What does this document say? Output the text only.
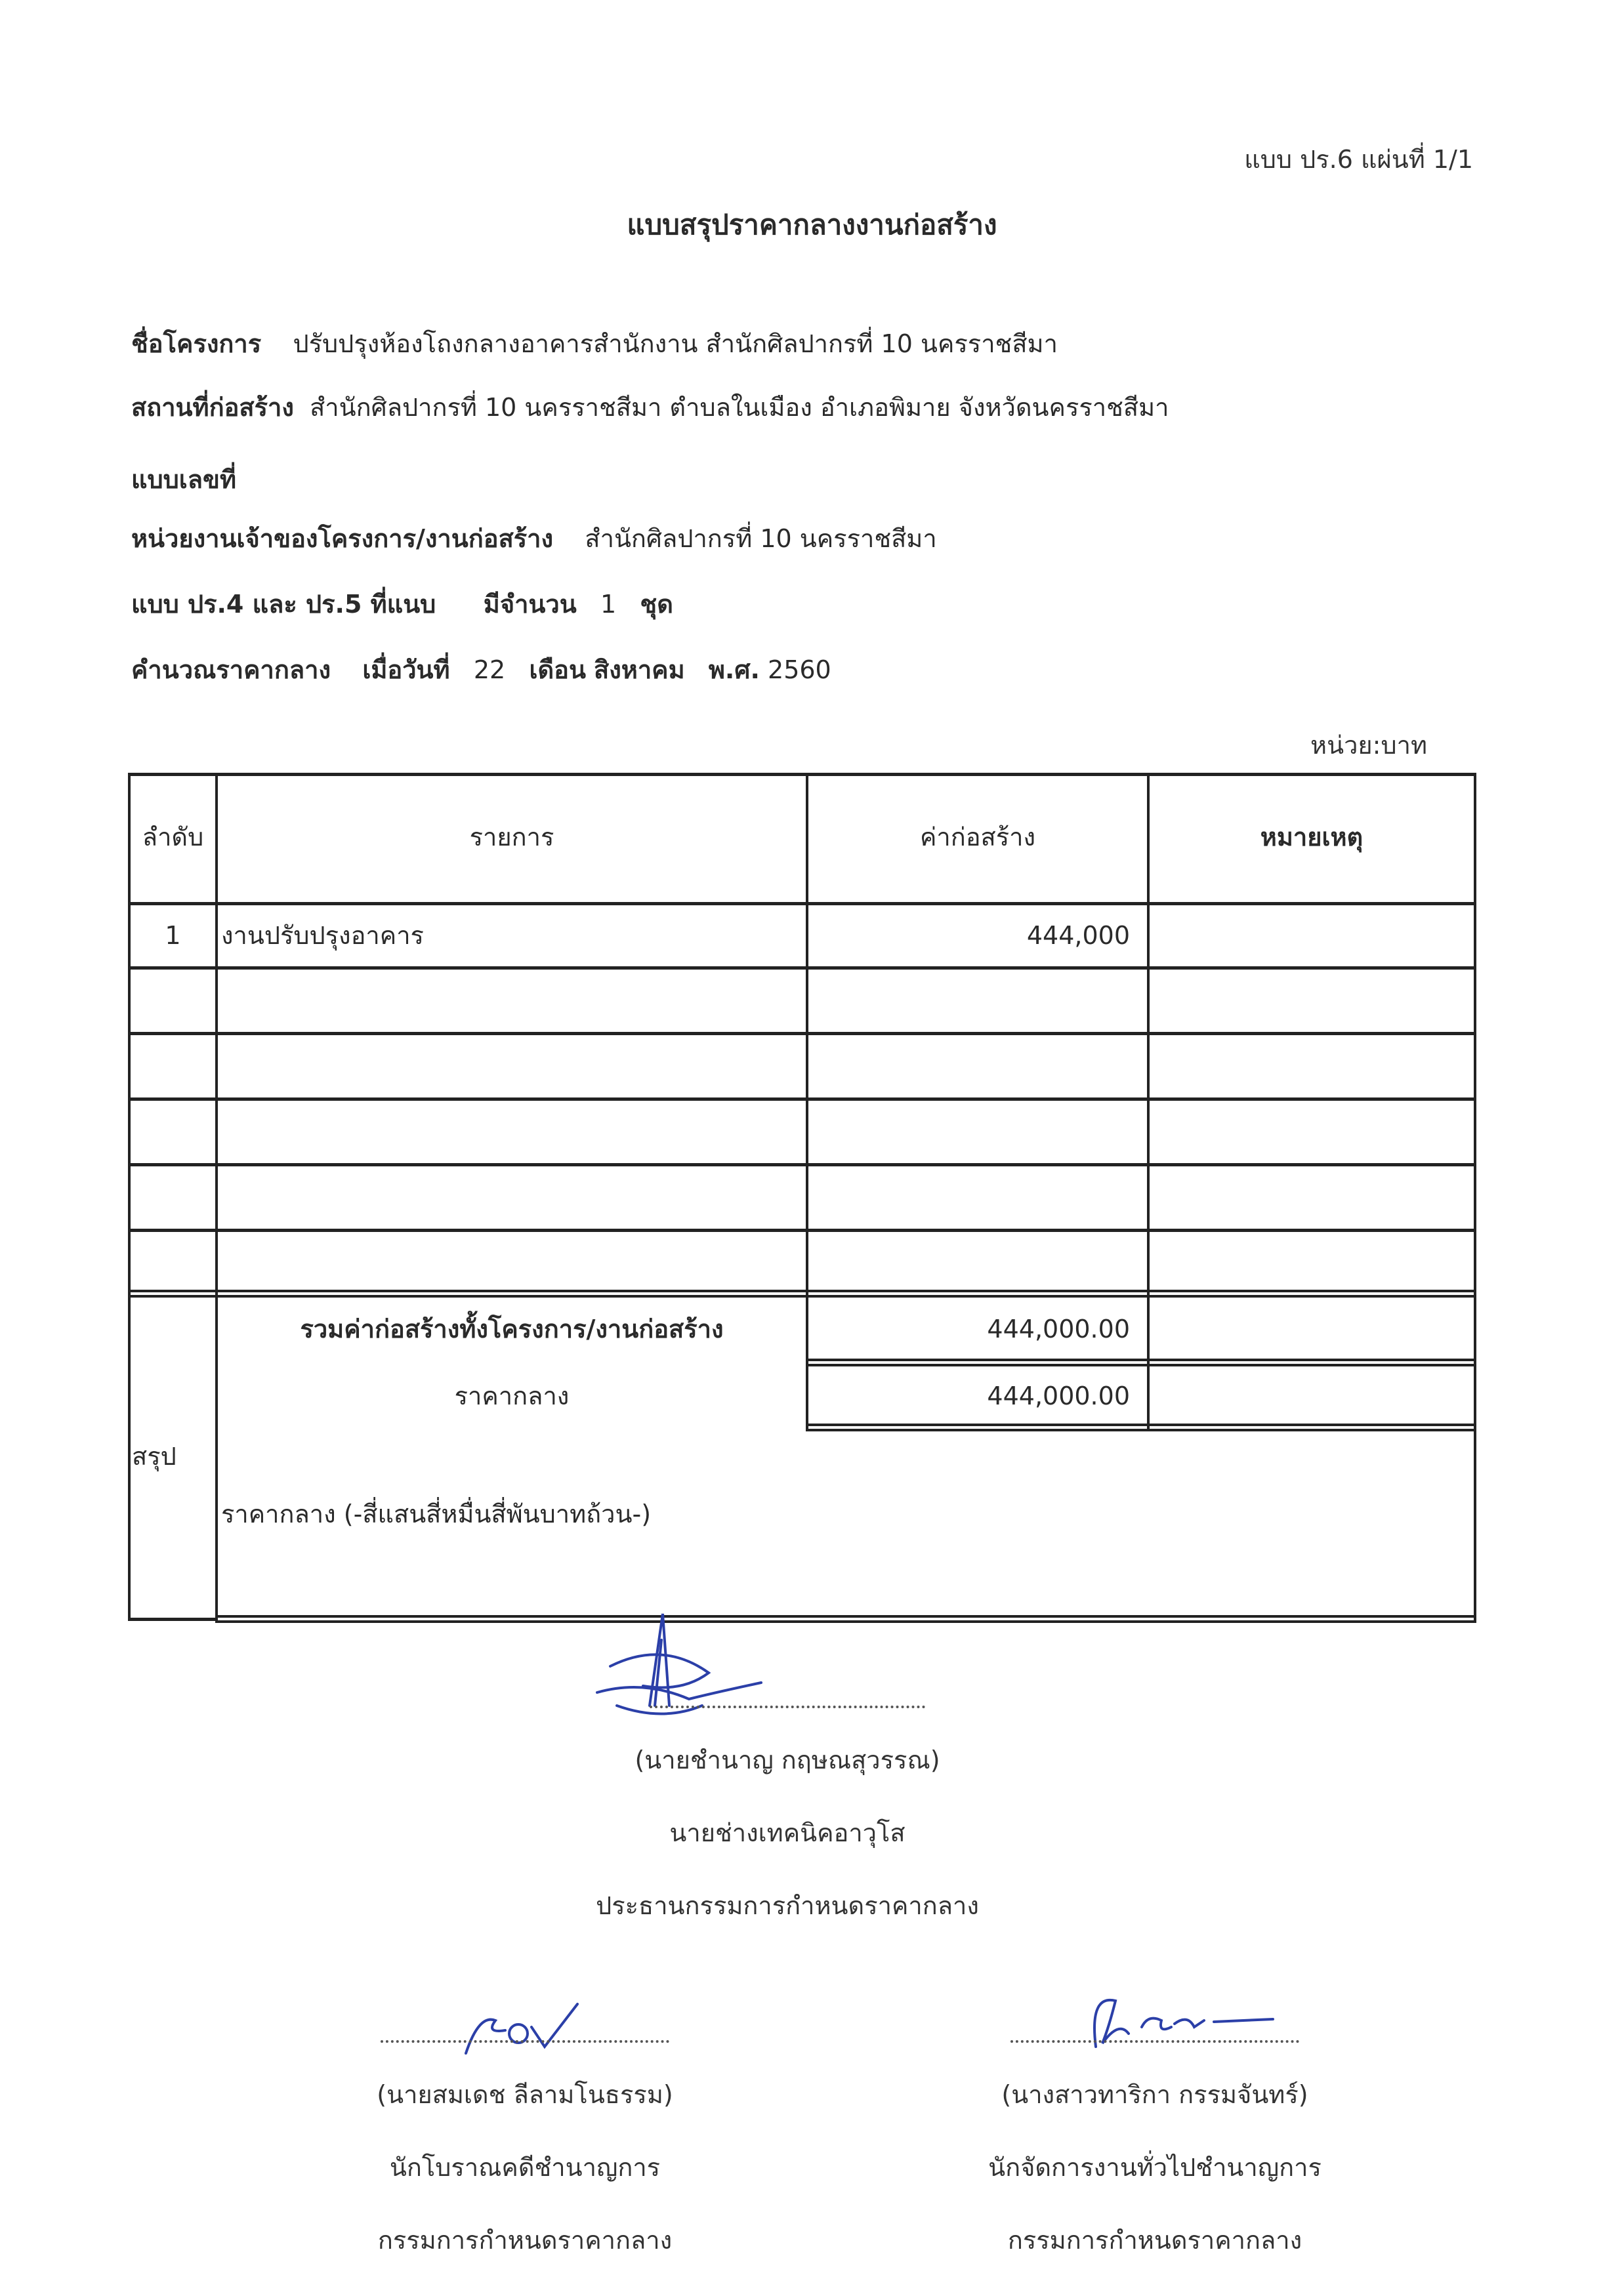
แบบ ปร.6 แผ่นที่ 1/1
แบบสรุปราคากลางงานก่อสร้าง
ชื่อโครงการ ปรับปรุงห้องโถงกลางอาคารสำนักงาน สำนักศิลปากรที่ 10 นครราชสีมา
สถานที่ก่อสร้าง สำนักศิลปากรที่ 10 นครราชสีมา ตำบลในเมือง อำเภอพิมาย จังหวัดนครราชสีมา
แบบเลขที่
หน่วยงานเจ้าของโครงการ/งานก่อสร้าง สำนักศิลปากรที่ 10 นครราชสีมา
แบบ ปร.4 และ ปร.5 ที่แนบ มีจำนวน 1 ชุด
คำนวณราคากลาง เมื่อวันที่ 22 เดือน สิงหาคม พ.ศ. 2560
หน่วย:บาท
ลำดับ	รายการ	ค่าก่อสร้าง	หมายเหตุ
1	งานปรับปรุงอาคาร	444,000
สรุป
รวมค่าก่อสร้างทั้งโครงการ/งานก่อสร้าง	444,000.00
ราคากลาง	444,000.00
ราคากลาง (-สี่แสนสี่หมื่นสี่พันบาทถ้วน-)
(นายชำนาญ กฤษณสุวรรณ)
นายช่างเทคนิคอาวุโส
ประธานกรรมการกำหนดราคากลาง
(นายสมเดช ลีลามโนธรรม)
นักโบราณคดีชำนาญการ
กรรมการกำหนดราคากลาง
(นางสาวทาริกา กรรมจันทร์)
นักจัดการงานทั่วไปชำนาญการ
กรรมการกำหนดราคากลาง
